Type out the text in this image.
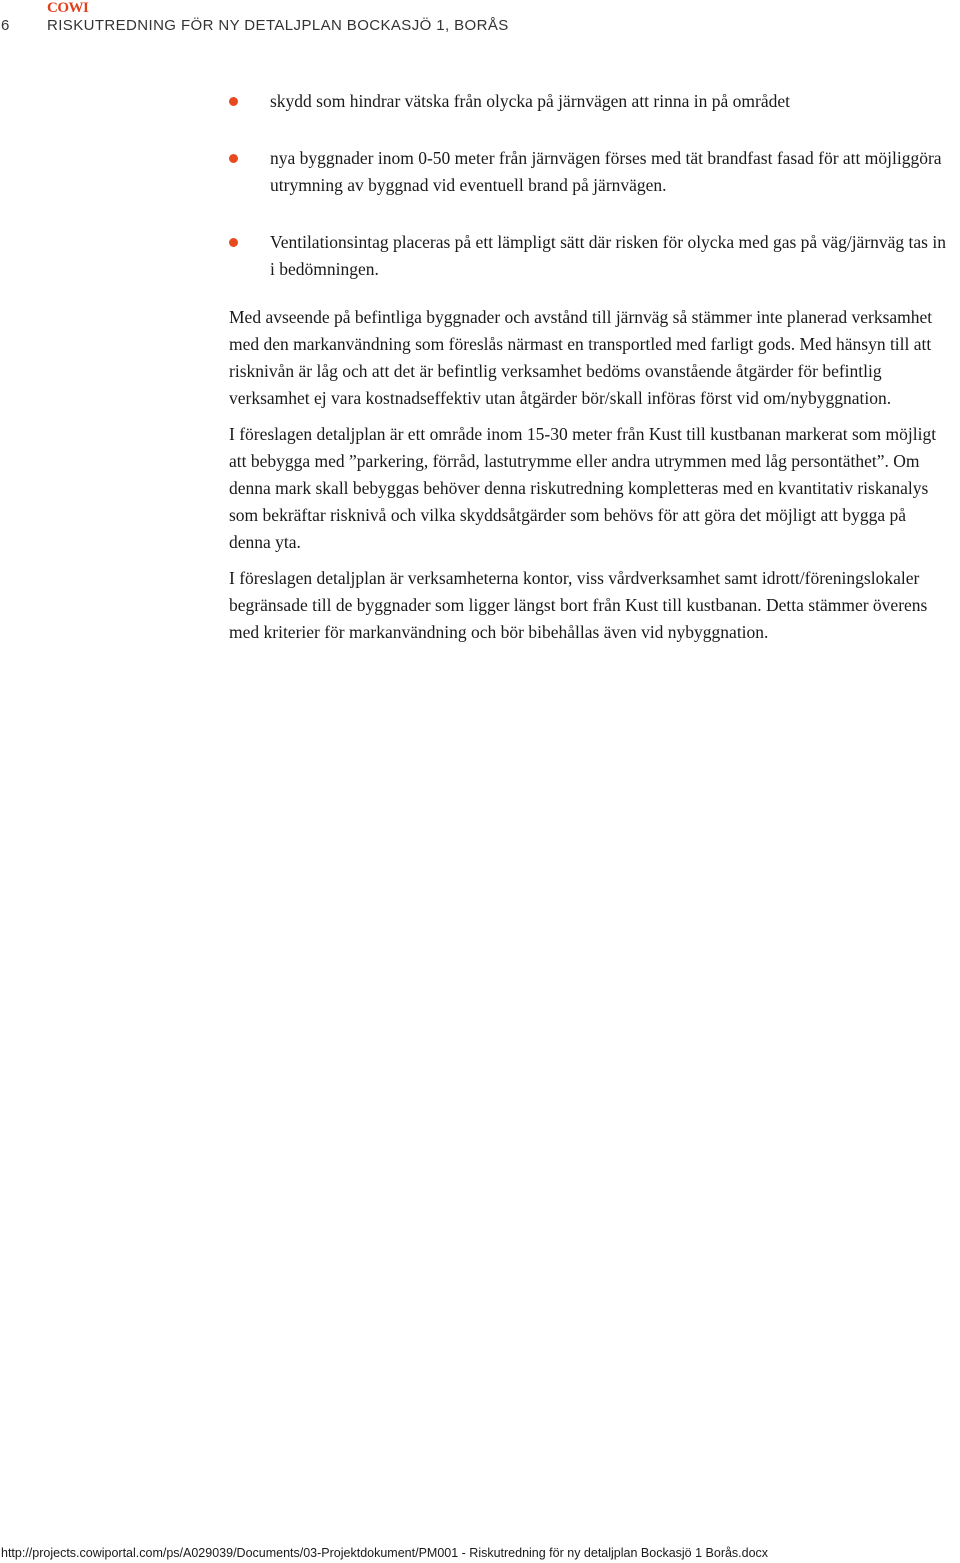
6
COWI
RISKUTREDNING FÖR NY DETALJPLAN BOCKASJÖ 1, BORÅS
skydd som hindrar vätska från olycka på järnvägen att rinna in på området
nya byggnader inom 0-50 meter från järnvägen förses med tät brandfast fasad för att möjliggöra utrymning av byggnad vid eventuell brand på järnvägen.
Ventilationsintag placeras på ett lämpligt sätt där risken för olycka med gas på väg/järnväg tas in i bedömningen.

Med avseende på befintliga byggnader och avstånd till järnväg så stämmer inte planerad verksamhet med den markanvändning som föreslås närmast en transportled med farligt gods. Med hänsyn till att risknivån är låg och att det är befintlig verksamhet bedöms ovanstående åtgärder för befintlig verksamhet ej vara kostnadseffektiv utan åtgärder bör/skall införas först vid om/nybyggnation.

I föreslagen detaljplan är ett område inom 15-30 meter från Kust till kustbanan markerat som möjligt att bebygga med ”parkering, förråd, lastutrymme eller andra utrymmen med låg persontäthet”. Om denna mark skall bebyggas behöver denna riskutredning kompletteras med en kvantitativ riskanalys som bekräftar risknivå och vilka skyddsåtgärder som behövs för att göra det möjligt att bygga på denna yta.

I föreslagen detaljplan är verksamheterna kontor, viss vårdverksamhet samt idrott/föreningslokaler begränsade till de byggnader som ligger längst bort från Kust till kustbanan. Detta stämmer överens med kriterier för markanvändning och bör bibehållas även vid nybyggnation.

http://projects.cowiportal.com/ps/A029039/Documents/03-Projektdokument/PM001 - Riskutredning för ny detaljplan Bockasjö 1 Borås.docx
